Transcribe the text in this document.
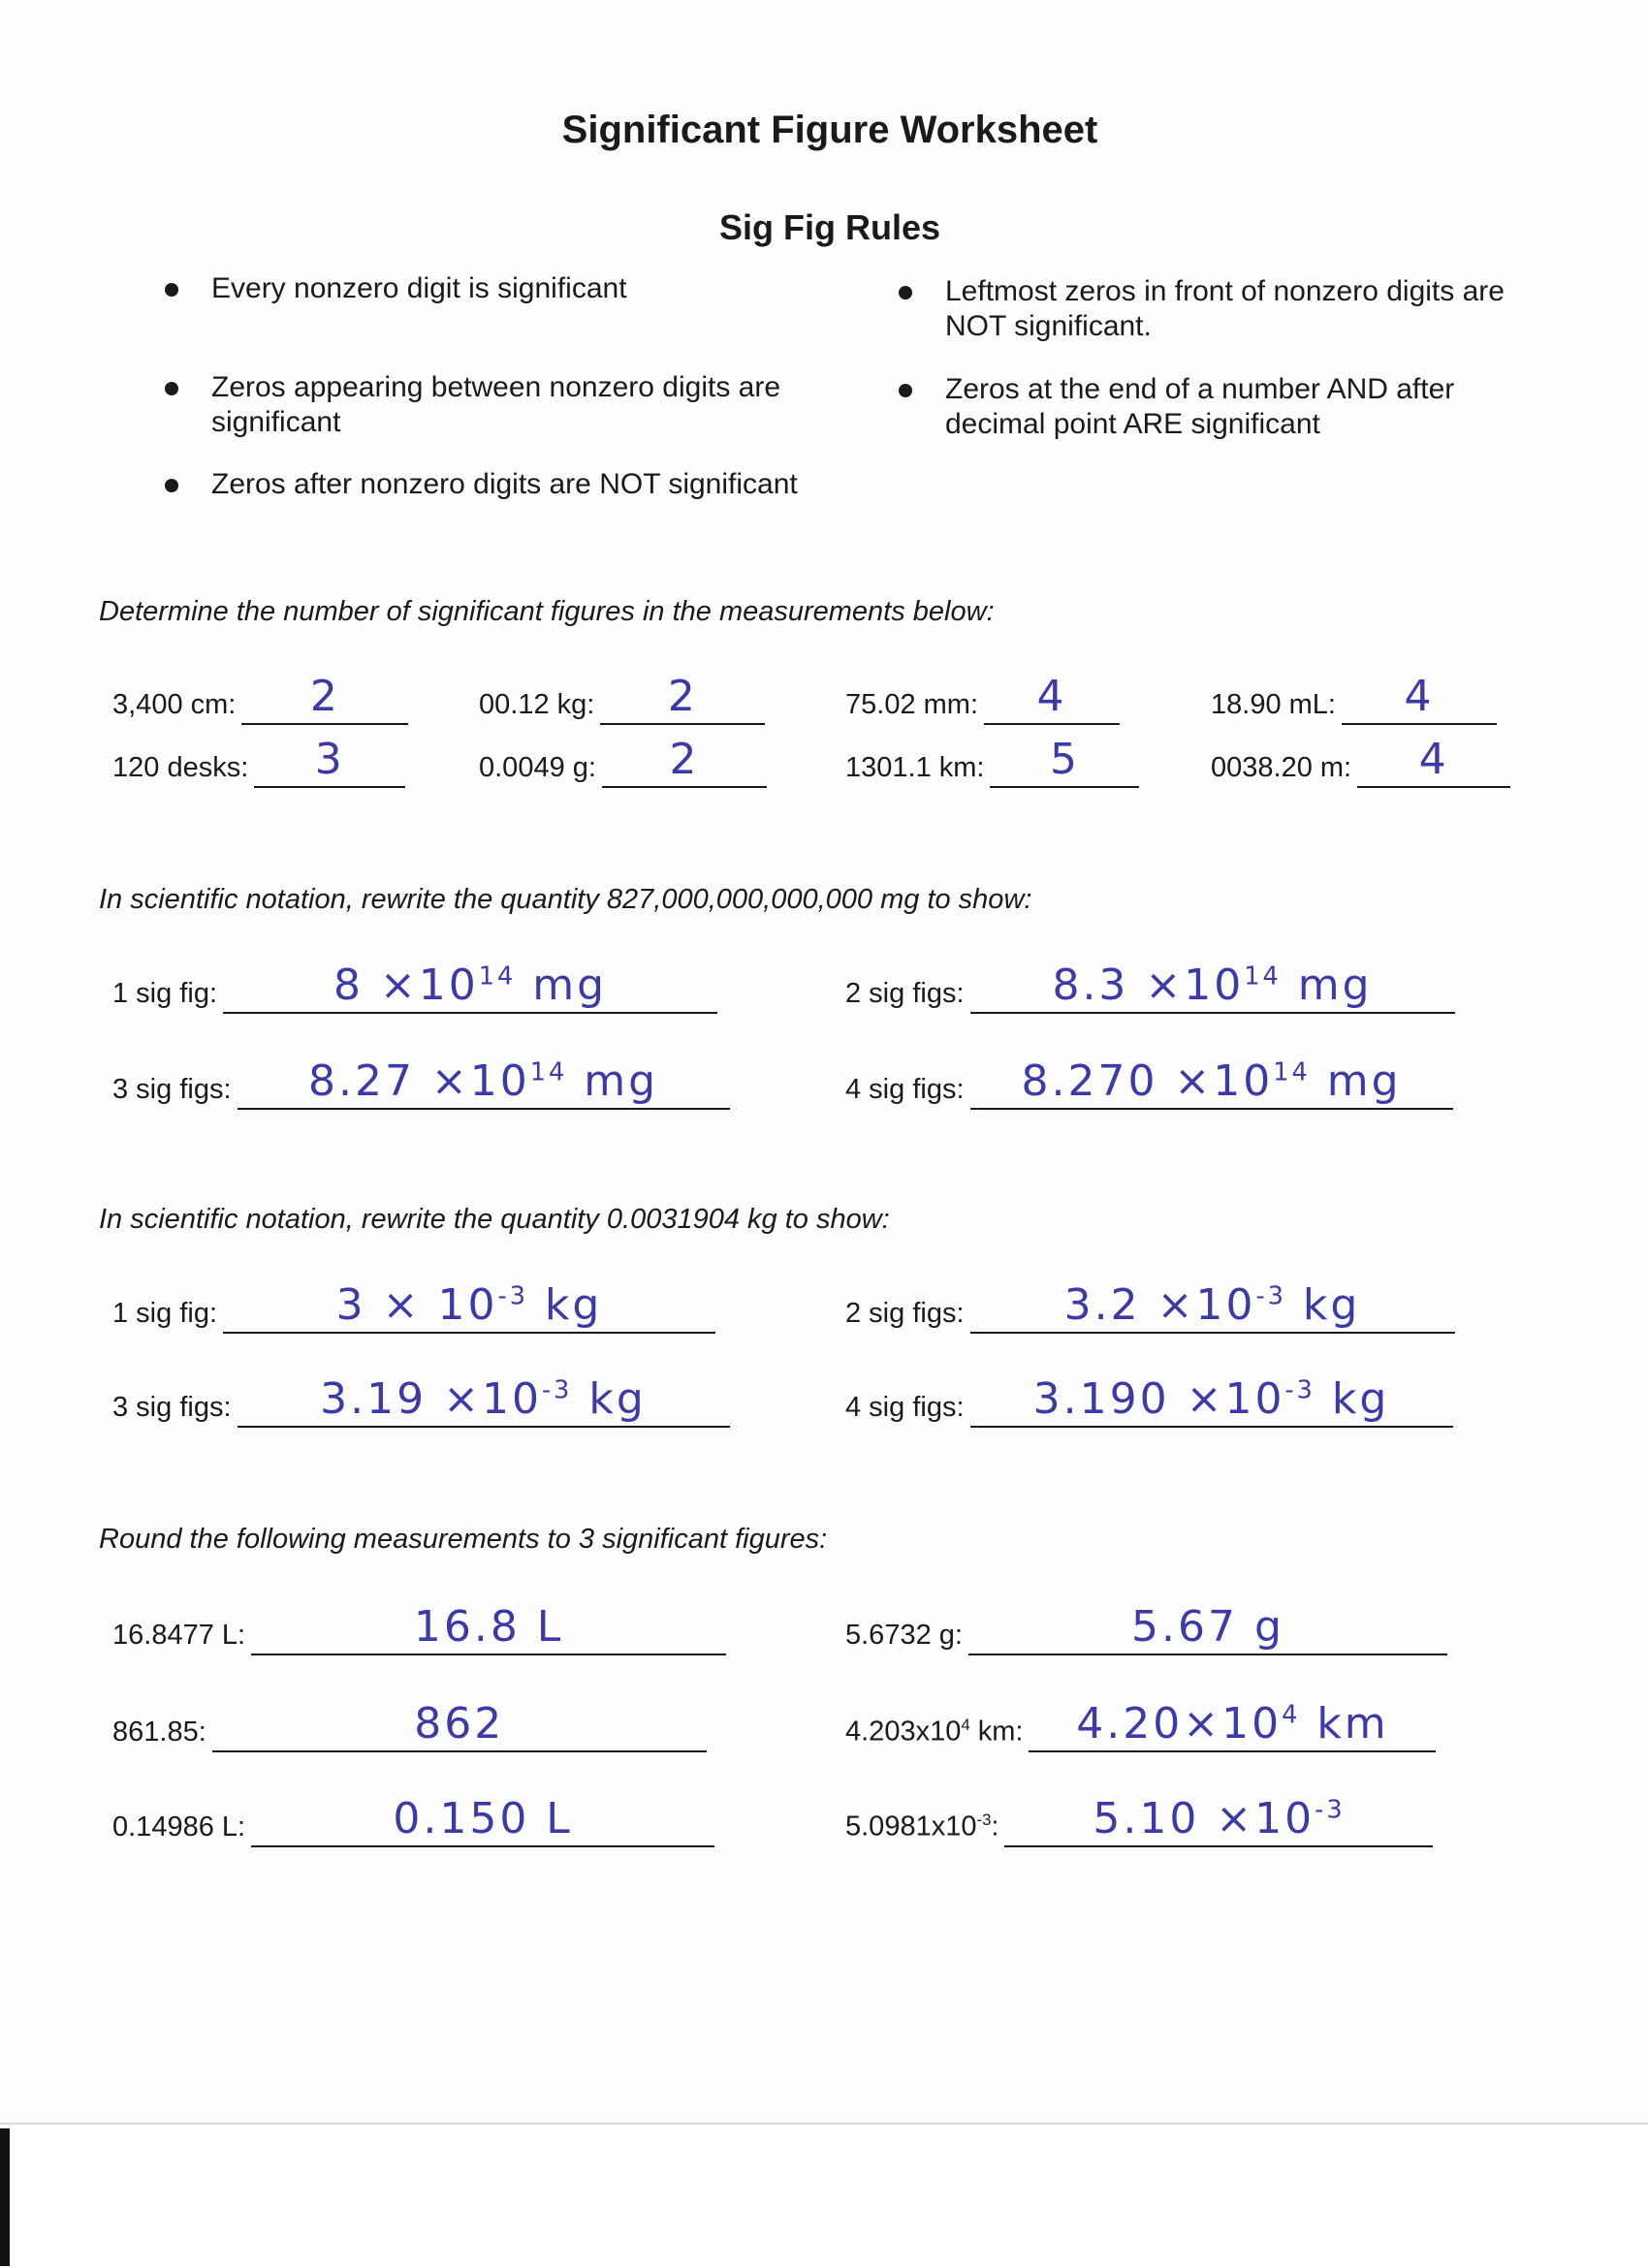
Significant Figure Worksheet
Sig Fig Rules
Every nonzero digit is significant
Zeros appearing between nonzero digits are significant
Zeros after nonzero digits are NOT significant
Leftmost zeros in front of nonzero digits are NOT significant.
Zeros at the end of a number AND after decimal point ARE significant
Determine the number of significant figures in the measurements below:
3,400 cm:	2	00.12 kg:	2	75.02 mm:	4	18.90 mL:	4
120 desks:	3	0.0049 g:	2	1301.1 km:	5	0038.20 m:	4
In scientific notation, rewrite the quantity 827,000,000,000,000 mg to show:
1 sig fig:	$8 \times 10^{14}$ mg	2 sig figs:	$8.3 \times 10^{14}$ mg
3 sig figs:	$8.27 \times 10^{14}$ mg	4 sig figs:	$8.270 \times 10^{14}$ mg
In scientific notation, rewrite the quantity 0.0031904 kg to show:
1 sig fig:	$3 \times 10^{-3}$ kg	2 sig figs:	$3.2 \times 10^{-3}$ kg
3 sig figs:	$3.19 \times 10^{-3}$ kg	4 sig figs:	$3.190 \times 10^{-3}$ kg
Round the following measurements to 3 significant figures:
16.8477 L:	16.8 L	5.6732 g:	5.67 g
861.85:	862	$4.203x10^4$ km:	$4.20\times 10^4$ km
0.14986 L:	0.150 L	$5.0981x10^{-3}$:	$5.10 \times 10^{-3}$
